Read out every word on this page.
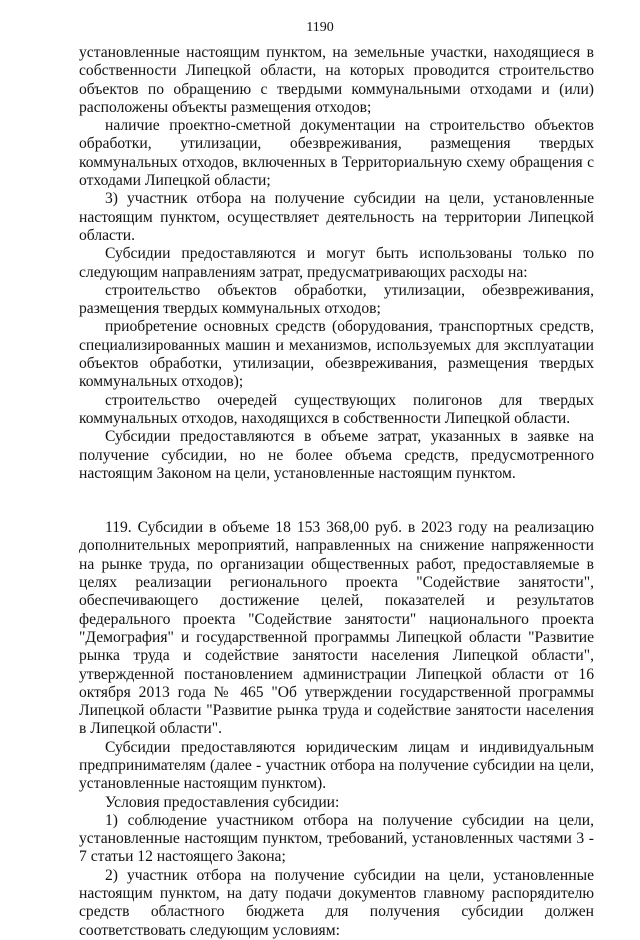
1190

установленные настоящим пунктом, на земельные участки, находящиеся в собственности Липецкой области, на которых проводится строительство объектов по обращению с твердыми коммунальными отходами и (или) расположены объекты размещения отходов;

наличие проектно-сметной документации на строительство объектов обработки, утилизации, обезвреживания, размещения твердых коммунальных отходов, включенных в Территориальную схему обращения с отходами Липецкой области;

3) участник отбора на получение субсидии на цели, установленные настоящим пунктом, осуществляет деятельность на территории Липецкой области.

Субсидии предоставляются и могут быть использованы только по следующим направлениям затрат, предусматривающих расходы на:

строительство объектов обработки, утилизации, обезвреживания, размещения твердых коммунальных отходов;

приобретение основных средств (оборудования, транспортных средств, специализированных машин и механизмов, используемых для эксплуатации объектов обработки, утилизации, обезвреживания, размещения твердых коммунальных отходов);

строительство очередей существующих полигонов для твердых коммунальных отходов, находящихся в собственности Липецкой области.

Субсидии предоставляются в объеме затрат, указанных в заявке на получение субсидии, но не более объема средств, предусмотренного настоящим Законом на цели, установленные настоящим пунктом.

119. Субсидии в объеме 18 153 368,00 руб. в 2023 году на реализацию дополнительных мероприятий, направленных на снижение напряженности на рынке труда, по организации общественных работ, предоставляемые в целях реализации регионального проекта "Содействие занятости", обеспечивающего достижение целей, показателей и результатов федерального проекта "Содействие занятости" национального проекта "Демография" и государственной программы Липецкой области "Развитие рынка труда и содействие занятости населения Липецкой области", утвержденной постановлением администрации Липецкой области от 16 октября 2013 года № 465 "Об утверждении государственной программы Липецкой области "Развитие рынка труда и содействие занятости населения в Липецкой области".

Субсидии предоставляются юридическим лицам и индивидуальным предпринимателям (далее - участник отбора на получение субсидии на цели, установленные настоящим пунктом).

Условия предоставления субсидии:

1) соблюдение участником отбора на получение субсидии на цели, установленные настоящим пунктом, требований, установленных частями 3 - 7 статьи 12 настоящего Закона;

2) участник отбора на получение субсидии на цели, установленные настоящим пунктом, на дату подачи документов главному распорядителю средств областного бюджета для получения субсидии должен соответствовать следующим условиям:
